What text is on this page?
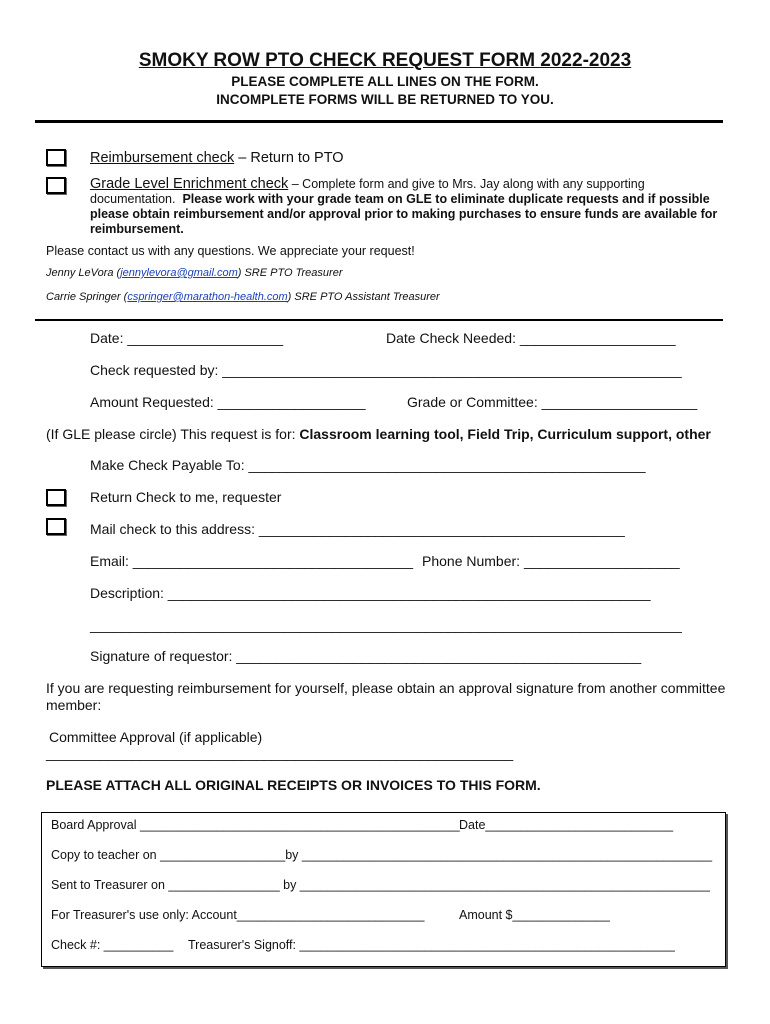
SMOKY ROW PTO CHECK REQUEST FORM 2022-2023
PLEASE COMPLETE ALL LINES ON THE FORM.
INCOMPLETE FORMS WILL BE RETURNED TO YOU.
Reimbursement check – Return to PTO
Grade Level Enrichment check – Complete form and give to Mrs. Jay along with any supporting
documentation. Please work with your grade team on GLE to eliminate duplicate requests and if possible please obtain reimbursement and/or approval prior to making purchases to ensure funds are available for reimbursement.
Please contact us with any questions. We appreciate your request!
Jenny LeVora (jennylevora@gmail.com) SRE PTO Treasurer
Carrie Springer (cspringer@marathon-health.com) SRE PTO Assistant Treasurer
Date: ____________________	Date Check Needed: ____________________
Check requested by: ___________________________________________________________
Amount Requested: ___________________	Grade or Committee: ____________________
(If GLE please circle) This request is for: Classroom learning tool, Field Trip, Curriculum support, other
Make Check Payable To: ___________________________________________________
Return Check to me, requester
Mail check to this address: _______________________________________________
Email: ____________________________________ Phone Number: ____________________
Description: ______________________________________________________________
____________________________________________________________________________
Signature of requestor: ____________________________________________________
If you are requesting reimbursement for yourself, please obtain an approval signature from another committee member:
Committee Approval (if applicable)
____________________________________________________________
PLEASE ATTACH ALL ORIGINAL RECEIPTS OR INVOICES TO THIS FORM.
Board Approval ______________________________________________ Date___________________________
Copy to teacher on __________________by ___________________________________________________________
Sent to Treasurer on ________________ by ___________________________________________________________
For Treasurer's use only: Account___________________________	Amount $______________
Check #: __________ Treasurer's Signoff: ______________________________________________________
